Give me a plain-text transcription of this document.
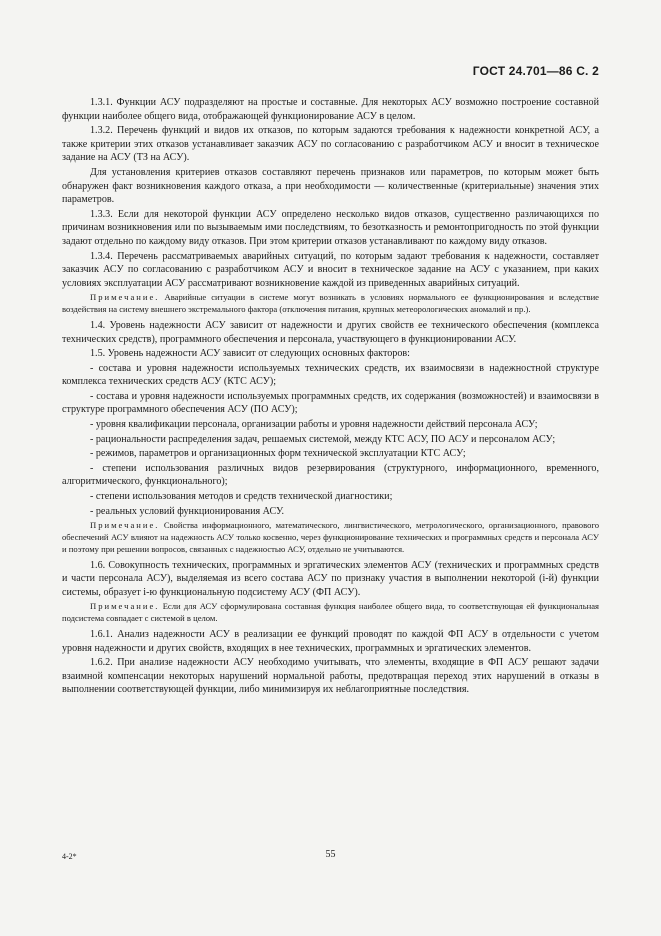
ГОСТ 24.701—86 С. 2

1.3.1. Функции АСУ подразделяют на простые и составные. Для некоторых АСУ возможно построение составной функции наиболее общего вида, отображающей функционирование АСУ в целом.

1.3.2. Перечень функций и видов их отказов, по которым задаются требования к надежности конкретной АСУ, а также критерии этих отказов устанавливает заказчик АСУ по согласованию с разработчиком АСУ и вносит в техническое задание на АСУ (ТЗ на АСУ).

Для установления критериев отказов составляют перечень признаков или параметров, по которым может быть обнаружен факт возникновения каждого отказа, а при необходимости — количественные (критериальные) значения этих параметров.

1.3.3. Если для некоторой функции АСУ определено несколько видов отказов, существенно различающихся по причинам возникновения или по вызываемым ими последствиям, то безотказность и ремонтопригодность по этой функции задают отдельно по каждому виду отказов. При этом критерии отказов устанавливают по каждому виду отказов.

1.3.4. Перечень рассматриваемых аварийных ситуаций, по которым задают требования к надежности, составляет заказчик АСУ по согласованию с разработчиком АСУ и вносит в техническое задание на АСУ с указанием, при каких условиях эксплуатации АСУ рассматривают возникновение каждой из приведенных аварийных ситуаций.

Примечание. Аварийные ситуации в системе могут возникать в условиях нормального ее функционирования и вследствие воздействия на систему внешнего экстремального фактора (отключения питания, крупных метеорологических аномалий и пр.).

1.4. Уровень надежности АСУ зависит от надежности и других свойств ее технического обеспечения (комплекса технических средств), программного обеспечения и персонала, участвующего в функционировании АСУ.

1.5. Уровень надежности АСУ зависит от следующих основных факторов:

- состава и уровня надежности используемых технических средств, их взаимосвязи в надежностной структуре комплекса технических средств АСУ (КТС АСУ);

- состава и уровня надежности используемых программных средств, их содержания (возможностей) и взаимосвязи в структуре программного обеспечения АСУ (ПО АСУ);

- уровня квалификации персонала, организации работы и уровня надежности действий персонала АСУ;

- рациональности распределения задач, решаемых системой, между КТС АСУ, ПО АСУ и персоналом АСУ;

- режимов, параметров и организационных форм технической эксплуатации КТС АСУ;

- степени использования различных видов резервирования (структурного, информационного, временного, алгоритмического, функционального);

- степени использования методов и средств технической диагностики;

- реальных условий функционирования АСУ.

Примечание. Свойства информационного, математического, лингвистического, метрологического, организационного, правового обеспечений АСУ влияют на надежность АСУ только косвенно, через функционирование технических и программных средств и персонала АСУ и поэтому при решении вопросов, связанных с надежностью АСУ, отдельно не учитываются.

1.6. Совокупность технических, программных и эргатических элементов АСУ (технических и программных средств и части персонала АСУ), выделяемая из всего состава АСУ по признаку участия в выполнении некоторой (i-й) функции системы, образует i-ю функциональную подсистему АСУ (ФП АСУ).

Примечание. Если для АСУ сформулирована составная функция наиболее общего вида, то соответствующая ей функциональная подсистема совпадает с системой в целом.

1.6.1. Анализ надежности АСУ в реализации ее функций проводят по каждой ФП АСУ в отдельности с учетом уровня надежности и других свойств, входящих в нее технических, программных и эргатических элементов.

1.6.2. При анализе надежности АСУ необходимо учитывать, что элементы, входящие в ФП АСУ решают задачи взаимной компенсации некоторых нарушений нормальной работы, предотвращая переход этих нарушений в отказы в выполнении соответствующей функции, либо минимизируя их неблагоприятные последствия.

4-2*	55
